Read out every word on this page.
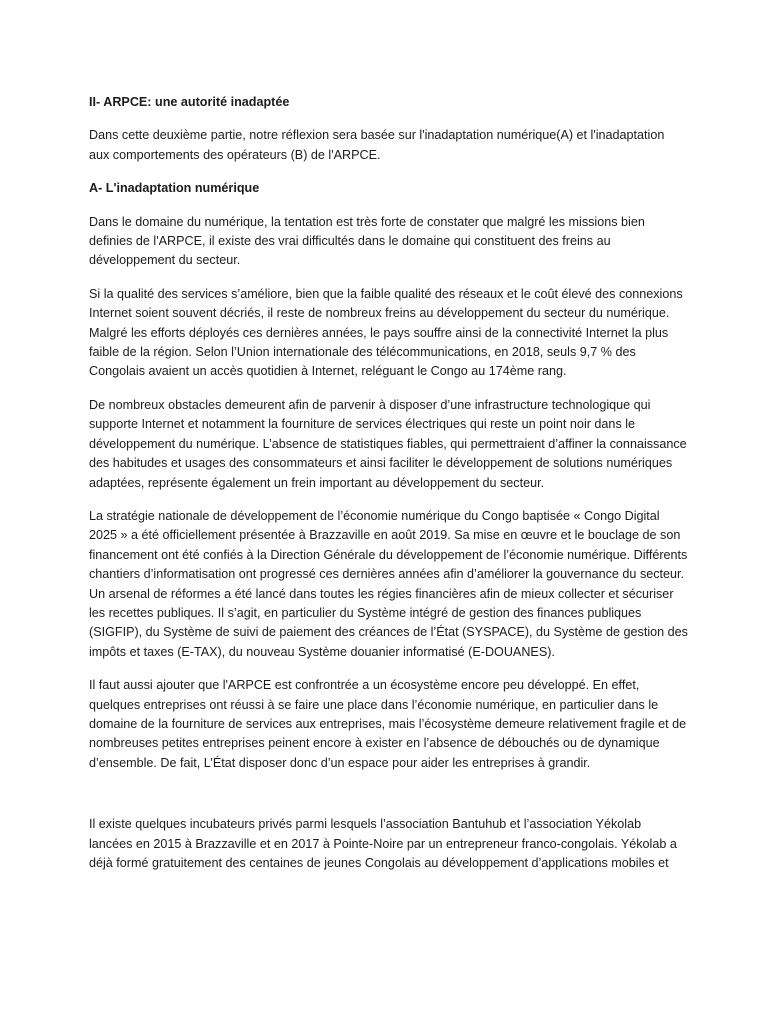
II- ARPCE: une autorité inadaptée

Dans cette deuxième partie, notre réflexion sera basée sur l'inadaptation numérique(A) et l'inadaptation aux comportements des opérateurs (B) de l'ARPCE.

A- L'inadaptation numérique

Dans le domaine du numérique, la tentation est très forte de constater que malgré les missions bien definies de l'ARPCE, il existe des vrai difficultés dans le domaine qui constituent des freins au développement du secteur.

Si la qualité des services s’améliore, bien que la faible qualité des réseaux et le coût élevé des connexions Internet soient souvent décriés, il reste de nombreux freins au développement du secteur du numérique. Malgré les efforts déployés ces dernières années, le pays souffre ainsi de la connectivité Internet la plus faible de la région. Selon l’Union internationale des télécommunications, en 2018, seuls 9,7 % des Congolais avaient un accès quotidien à Internet, reléguant le Congo au 174ème rang.

De nombreux obstacles demeurent afin de parvenir à disposer d’une infrastructure technologique qui supporte Internet et notamment la fourniture de services électriques qui reste un point noir dans le développement du numérique. L’absence de statistiques fiables, qui permettraient d’affiner la connaissance des habitudes et usages des consommateurs et ainsi faciliter le développement de solutions numériques adaptées, représente également un frein important au développement du secteur.

La stratégie nationale de développement de l’économie numérique du Congo baptisée « Congo Digital 2025 » a été officiellement présentée à Brazzaville en août 2019. Sa mise en œuvre et le bouclage de son financement ont été confiés à la Direction Générale du développement de l’économie numérique. Différents chantiers d’informatisation ont progressé ces dernières années afin d’améliorer la gouvernance du secteur. Un arsenal de réformes a été lancé dans toutes les régies financières afin de mieux collecter et sécuriser les recettes publiques. Il s’agit, en particulier du Système intégré de gestion des finances publiques (SIGFIP), du Système de suivi de paiement des créances de l’État (SYSPACE), du Système de gestion des impôts et taxes (E-TAX), du nouveau Système douanier informatisé (E-DOUANES).

Il faut aussi ajouter que l'ARPCE est confrontrée a un écosystème encore peu développé. En effet, quelques entreprises ont réussi à se faire une place dans l’économie numérique, en particulier dans le domaine de la fourniture de services aux entreprises, mais l’écosystème demeure relativement fragile et de nombreuses petites entreprises peinent encore à exister en l’absence de débouchés ou de dynamique d’ensemble. De fait, L’État disposer donc d’un espace pour aider les entreprises à grandir.

Il existe quelques incubateurs privés parmi lesquels l’association Bantuhub et l’association Yékolab lancées en 2015 à Brazzaville et en 2017 à Pointe-Noire par un entrepreneur franco-congolais. Yékolab a déjà formé gratuitement des centaines de jeunes Congolais au développement d’applications mobiles et
